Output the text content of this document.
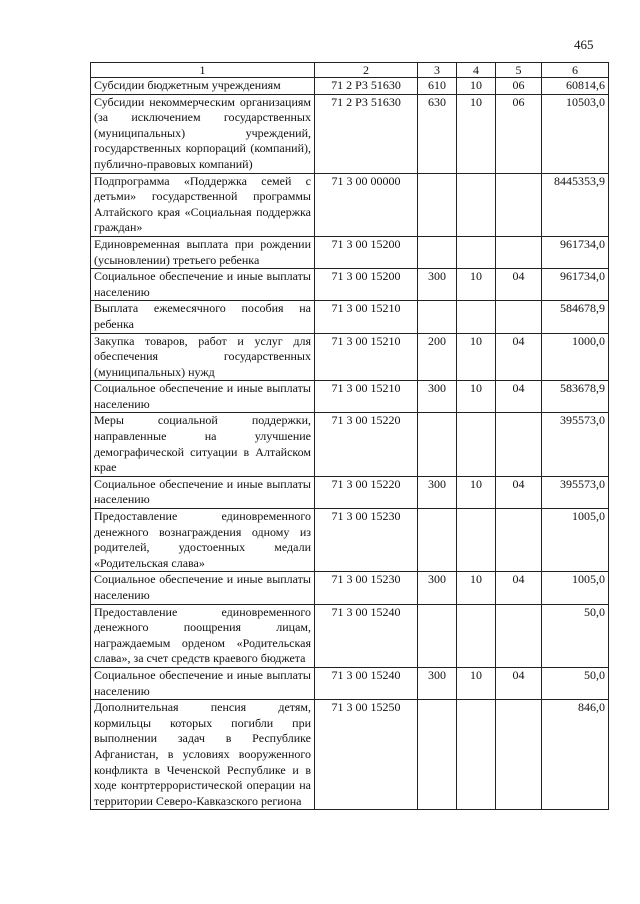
465
1	2	3	4	5	6
Субсидии бюджетным учреждениям	71 2 P3 51630	610	10	06	60814,6
Субсидии некоммерческим организациям (за исключением государственных (муниципальных) учреждений, государственных корпораций (компаний), публично-правовых компаний)	71 2 P3 51630	630	10	06	10503,0
Подпрограмма «Поддержка семей с детьми» государственной программы Алтайского края «Социальная поддержка граждан»	71 3 00 00000				8445353,9
Единовременная выплата при рождении (усыновлении) третьего ребенка	71 3 00 15200				961734,0
Социальное обеспечение и иные выплаты населению	71 3 00 15200	300	10	04	961734,0
Выплата ежемесячного пособия на ребенка	71 3 00 15210				584678,9
Закупка товаров, работ и услуг для обеспечения государственных (муниципальных) нужд	71 3 00 15210	200	10	04	1000,0
Социальное обеспечение и иные выплаты населению	71 3 00 15210	300	10	04	583678,9
Меры социальной поддержки, направленные на улучшение демографической ситуации в Алтайском крае	71 3 00 15220				395573,0
Социальное обеспечение и иные выплаты населению	71 3 00 15220	300	10	04	395573,0
Предоставление единовременного денежного вознаграждения одному из родителей, удостоенных медали «Родительская слава»	71 3 00 15230				1005,0
Социальное обеспечение и иные выплаты населению	71 3 00 15230	300	10	04	1005,0
Предоставление единовременного денежного поощрения лицам, награждаемым орденом «Родительская слава», за счет средств краевого бюджета	71 3 00 15240				50,0
Социальное обеспечение и иные выплаты населению	71 3 00 15240	300	10	04	50,0
Дополнительная пенсия детям, кормильцы которых погибли при выполнении задач в Республике Афганистан, в условиях вооруженного конфликта в Чеченской Республике и в ходе контртеррористической операции на территории Северо-Кавказского региона	71 3 00 15250				846,0
